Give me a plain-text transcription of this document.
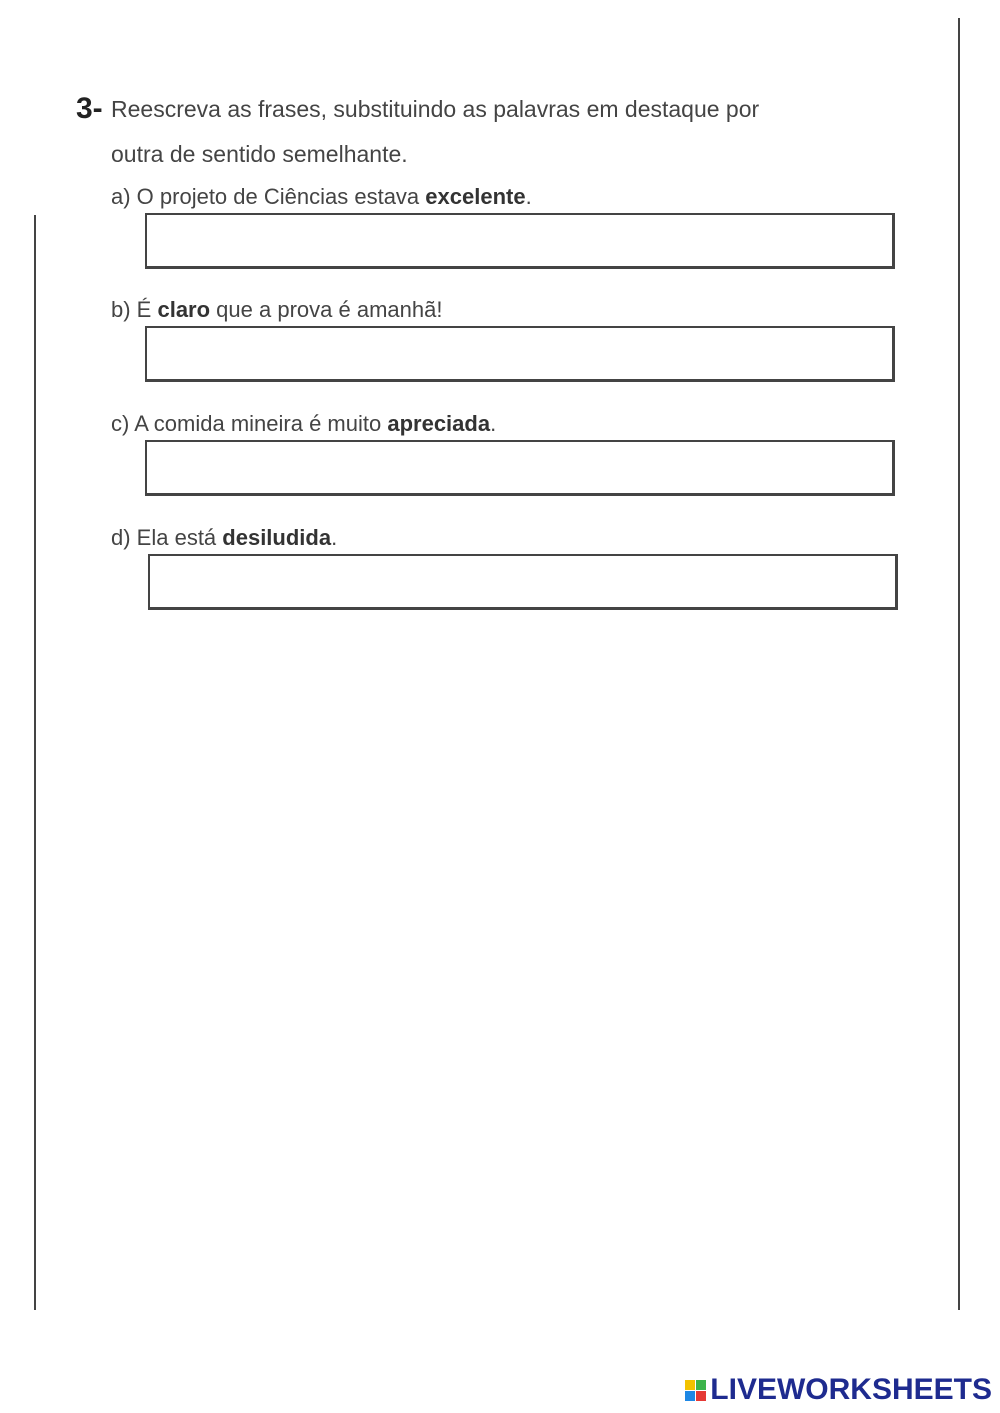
3- Reescreva as frases, substituindo as palavras em destaque por
outra de sentido semelhante.
a) O projeto de Ciências estava excelente.
b) É claro que a prova é amanhã!
c) A comida mineira é muito apreciada.
d) Ela está desiludida.
LIVEWORKSHEETS
